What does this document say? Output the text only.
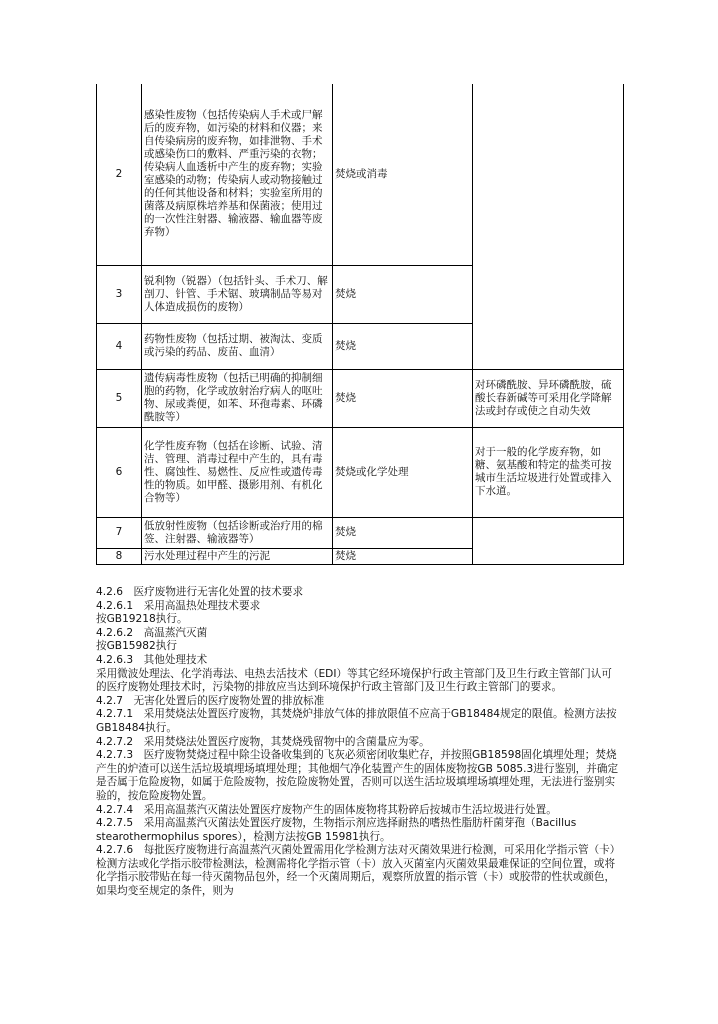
2	感染性废物（包括传染病人手术或尸解后的废弃物，如污染的材料和仪器；来自传染病房的废弃物，如排泄物、手术或感染伤口的敷料、严重污染的衣物；传染病人血透析中产生的废弃物；实验室感染的动物；传染病人或动物接触过的任何其他设备和材料；实验室所用的菌落及病原株培养基和保菌液；使用过的一次性注射器、输液器、输血器等废弃物）	焚烧或消毒	
3	锐利物（锐器）（包括针头、手术刀、解剖刀、针管、手术锯、玻璃制品等易对人体造成损伤的废物）	焚烧	
4	药物性废物（包括过期、被淘汰、变质或污染的药品、废苗、血清）	焚烧	
5	遗传病毒性废物（包括已明确的抑制细胞的药物，化学或放射治疗病人的呕吐物、尿或粪便，如苯、环孢毒素、环磷酰胺等）	焚烧	对环磷酰胺、异环磷酰胺，硫酸长春新碱等可采用化学降解法或封存或使之自动失效
6	化学性废弃物（包括在诊断、试验、清洁、管理、消毒过程中产生的，具有毒性、腐蚀性、易燃性、反应性或遗传毒性的物质。如甲醛、摄影用剂、有机化合物等）	焚烧或化学处理	对于一般的化学废弃物，如糖、氨基酸和特定的盐类可按城市生活垃圾进行处置或排入下水道。
7	低放射性废物（包括诊断或治疗用的棉签、注射器、输液器等）	焚烧	
8	污水处理过程中产生的污泥	焚烧	

4.2.6　医疗废物进行无害化处置的技术要求

4.2.6.1　采用高温热处理技术要求

按GB19218执行。

4.2.6.2　高温蒸汽灭菌

按GB15982执行

4.2.6.3　其他处理技术

采用微波处理法、化学消毒法、电热去活技术（EDI）等其它经环境保护行政主管部门及卫生行政主管部门认可的医疗废物处理技术时，污染物的排放应当达到环境保护行政主管部门及卫生行政主管部门的要求。

4.2.7　无害化处置后的医疗废物处置的排放标准

4.2.7.1　采用焚烧法处置医疗废物，其焚烧炉排放气体的排放限值不应高于GB18484规定的限值。检测方法按GB18484执行。

4.2.7.2　采用焚烧法处置医疗废物，其焚烧残留物中的含菌量应为零。

4.2.7.3　医疗废物焚烧过程中除尘设备收集到的飞灰必须密闭收集贮存，并按照GB18598固化填埋处理；焚烧产生的炉渣可以送生活垃圾填埋场填埋处理；其他烟气净化装置产生的固体废物按GB 5085.3进行鉴别，并确定是否属于危险废物，如属于危险废物，按危险废物处置，否则可以送生活垃圾填埋场填埋处理，无法进行鉴别实验的，按危险废物处置。

4.2.7.4　采用高温蒸汽灭菌法处置医疗废物产生的固体废物将其粉碎后按城市生活垃圾进行处置。

4.2.7.5　采用高温蒸汽灭菌法处置医疗废物，生物指示剂应选择耐热的嗜热性脂肪杆菌芽孢（Bacillus stearothermophilus spores），检测方法按GB 15981执行。

4.2.7.6　每批医疗废物进行高温蒸汽灭菌处置需用化学检测方法对灭菌效果进行检测，可采用化学指示管（卡）检测方法或化学指示胶带检测法，检测需将化学指示管（卡）放入灭菌室内灭菌效果最难保证的空间位置，或将化学指示胶带贴在每一待灭菌物品包外，经一个灭菌周期后，观察所放置的指示管（卡）或胶带的性状或颜色，如果均变至规定的条件，则为
